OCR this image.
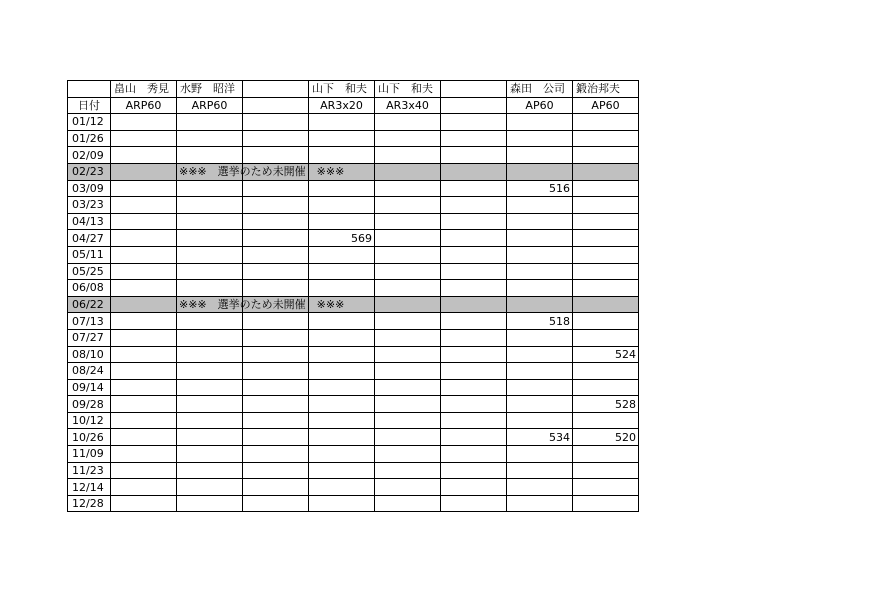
	畠山　秀見	水野　昭洋		山下　和夫	山下　和夫		森田　公司	鍛治邦夫
日付	ARP60	ARP60		AR3x20	AR3x40		AP60	AP60
01/12								
01/26								
02/09								
02/23		※※※　選挙のため未開催　※※※						

03/09							516	
03/23								
04/13								
04/27				569				
05/11								
05/25								
06/08								
06/22		※※※　選挙のため未開催　※※※						

07/13							518	
07/27								
08/10								524
08/24								
09/14								
09/28								528
10/12								
10/26							534	520
11/09								
11/23								
12/14								
12/28								
